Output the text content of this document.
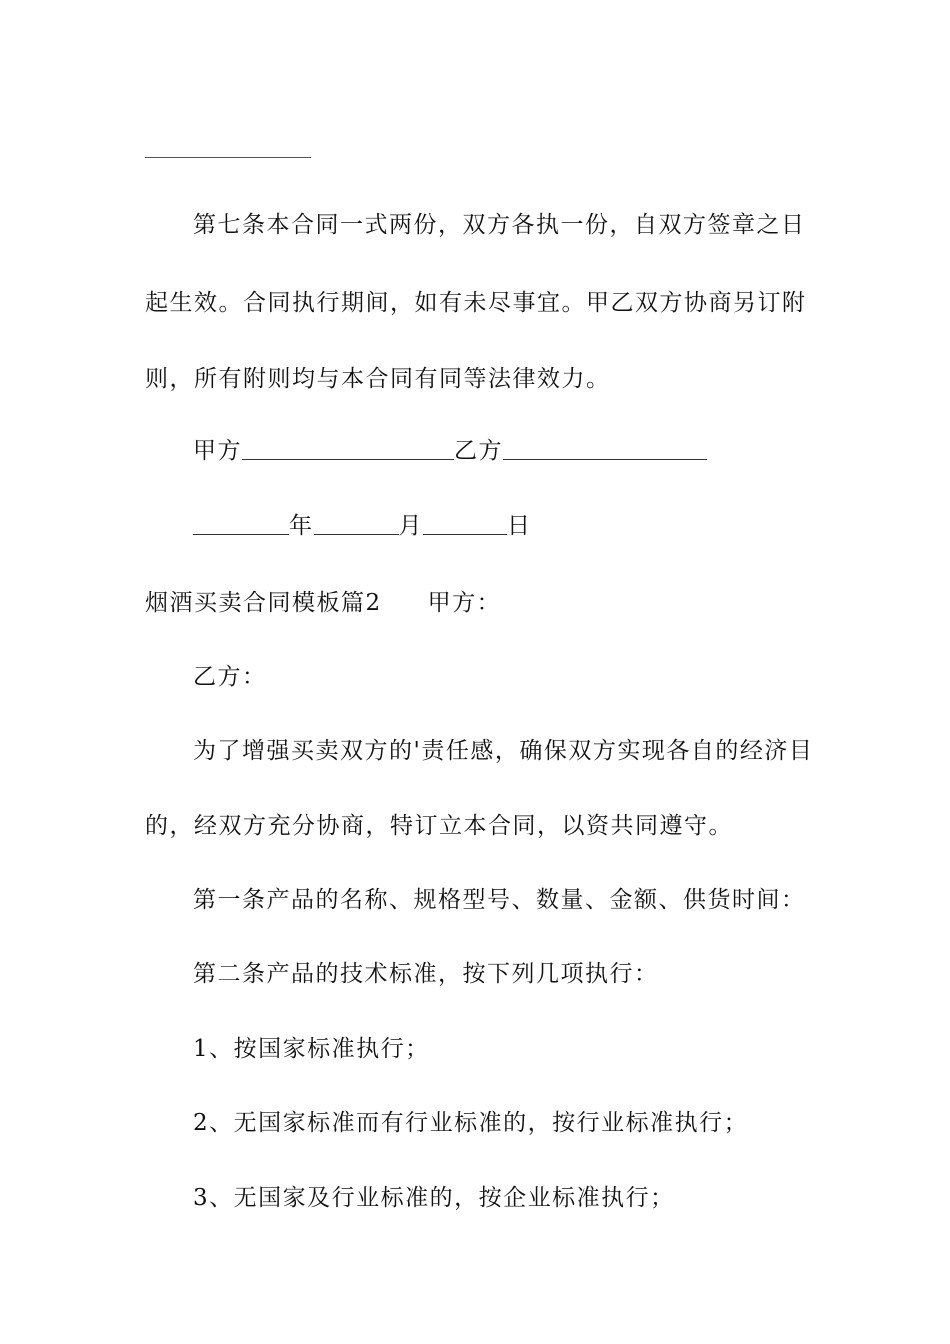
第七条本合同一式两份，双方各执一份，自双方签章之日
起生效。合同执行期间，如有未尽事宜。甲乙双方协商另订附
则，所有附则均与本合同有同等法律效力。
甲方	乙方
年	月	日
烟酒买卖合同模板篇2 甲方：
乙方：
为了增强买卖双方的'责任感，确保双方实现各自的经济目
的，经双方充分协商，特订立本合同，以资共同遵守。
第一条产品的名称、规格型号、数量、金额、供货时间：
第二条产品的技术标准，按下列几项执行：
1、按国家标准执行；
2、无国家标准而有行业标准的，按行业标准执行；
3、无国家及行业标准的，按企业标准执行；
